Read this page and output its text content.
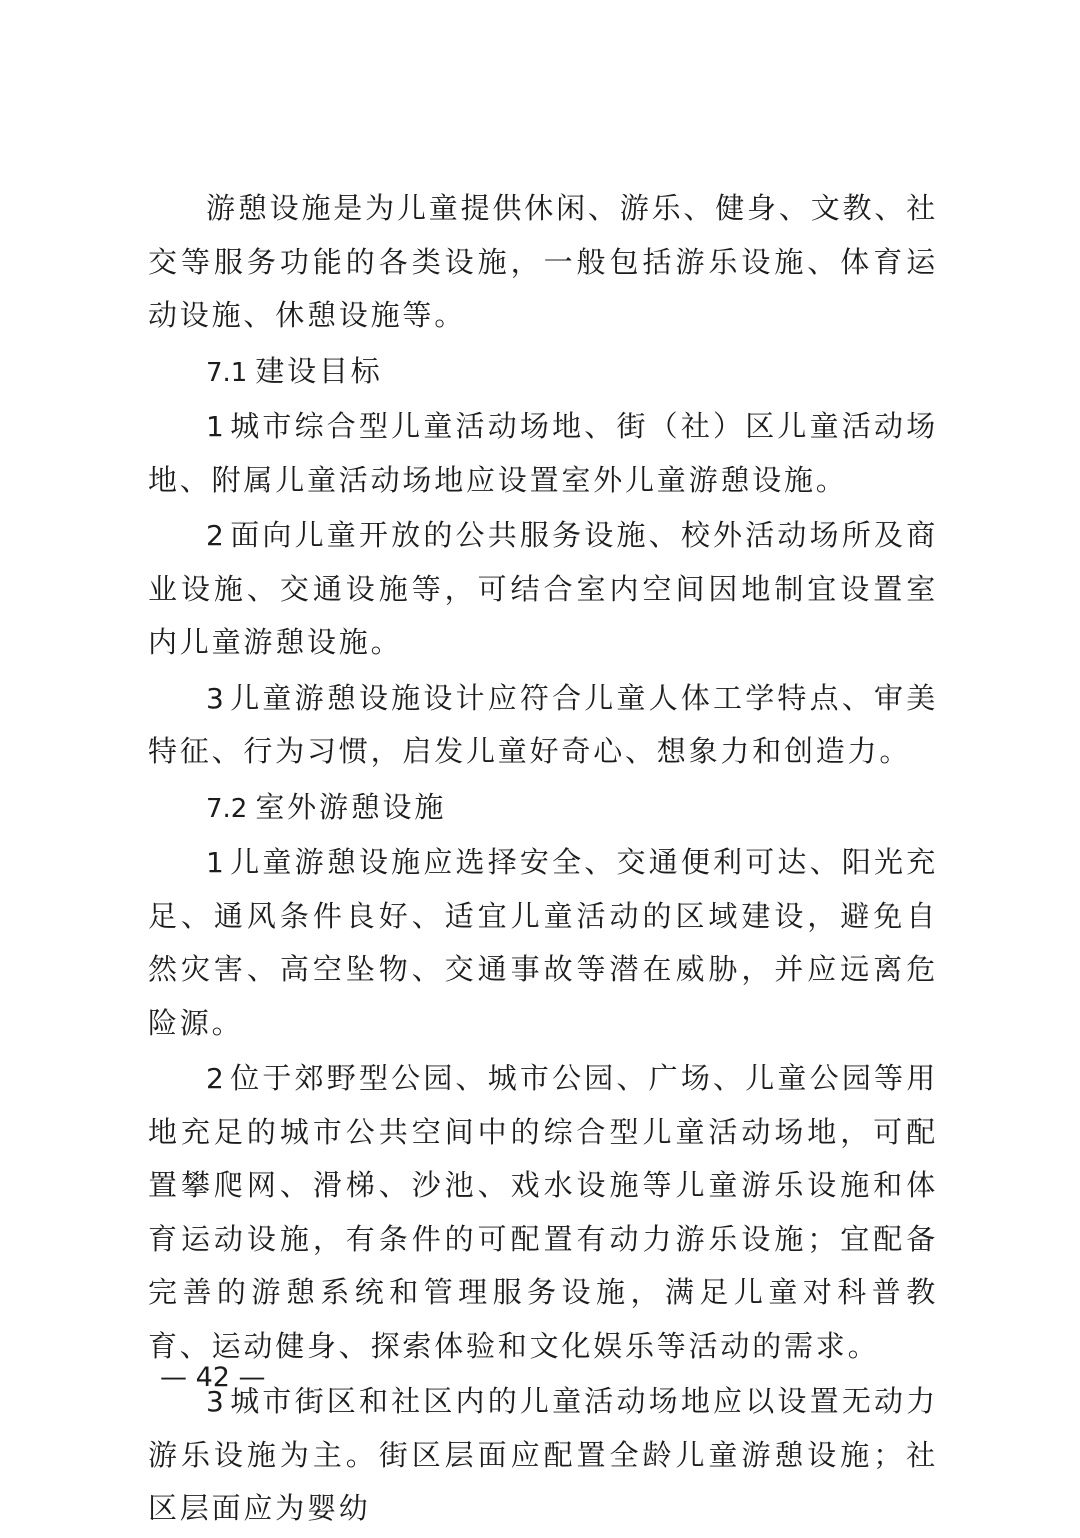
游憩设施是为儿童提供休闲、游乐、健身、文教、社交等服务功能的各类设施，一般包括游乐设施、体育运动设施、休憩设施等。

7.1 建设目标

1 城市综合型儿童活动场地、街（社）区儿童活动场地、附属儿童活动场地应设置室外儿童游憩设施。

2 面向儿童开放的公共服务设施、校外活动场所及商业设施、交通设施等，可结合室内空间因地制宜设置室内儿童游憩设施。

3 儿童游憩设施设计应符合儿童人体工学特点、审美特征、行为习惯，启发儿童好奇心、想象力和创造力。

7.2 室外游憩设施

1 儿童游憩设施应选择安全、交通便利可达、阳光充足、通风条件良好、适宜儿童活动的区域建设，避免自然灾害、高空坠物、交通事故等潜在威胁，并应远离危险源。

2 位于郊野型公园、城市公园、广场、儿童公园等用地充足的城市公共空间中的综合型儿童活动场地，可配置攀爬网、滑梯、沙池、戏水设施等儿童游乐设施和体育运动设施，有条件的可配置有动力游乐设施；宜配备完善的游憩系统和管理服务设施，满足儿童对科普教育、运动健身、探索体验和文化娱乐等活动的需求。

3 城市街区和社区内的儿童活动场地应以设置无动力游乐设施为主。街区层面应配置全龄儿童游憩设施；社区层面应为婴幼

— 42 —
